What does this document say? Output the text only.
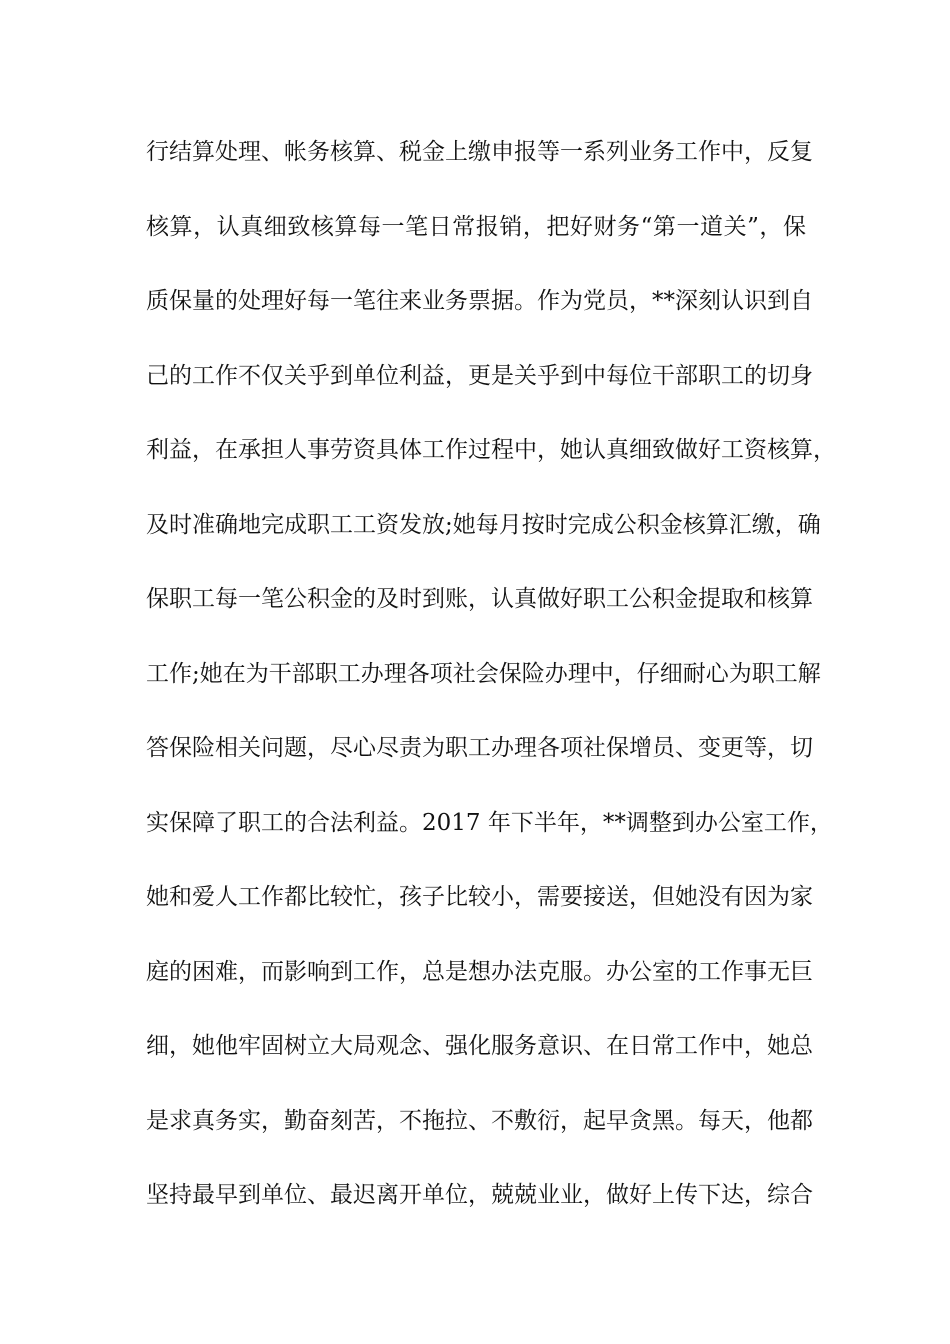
行结算处理、帐务核算、税金上缴申报等一系列业务工作中，反复
核算，认真细致核算每一笔日常报销，把好财务“第一道关”，保
质保量的处理好每一笔往来业务票据。作为党员，**深刻认识到自
己的工作不仅关乎到单位利益，更是关乎到中每位干部职工的切身
利益，在承担人事劳资具体工作过程中，她认真细致做好工资核算，
及时准确地完成职工工资发放;她每月按时完成公积金核算汇缴，确
保职工每一笔公积金的及时到账，认真做好职工公积金提取和核算
工作;她在为干部职工办理各项社会保险办理中，仔细耐心为职工解
答保险相关问题，尽心尽责为职工办理各项社保增员、变更等，切
实保障了职工的合法利益。2017 年下半年，**调整到办公室工作，
她和爱人工作都比较忙，孩子比较小，需要接送，但她没有因为家
庭的困难，而影响到工作，总是想办法克服。办公室的工作事无巨
细，她他牢固树立大局观念、强化服务意识、在日常工作中，她总
是求真务实，勤奋刻苦，不拖拉、不敷衍，起早贪黑。每天，他都
坚持最早到单位、最迟离开单位，兢兢业业，做好上传下达，综合
